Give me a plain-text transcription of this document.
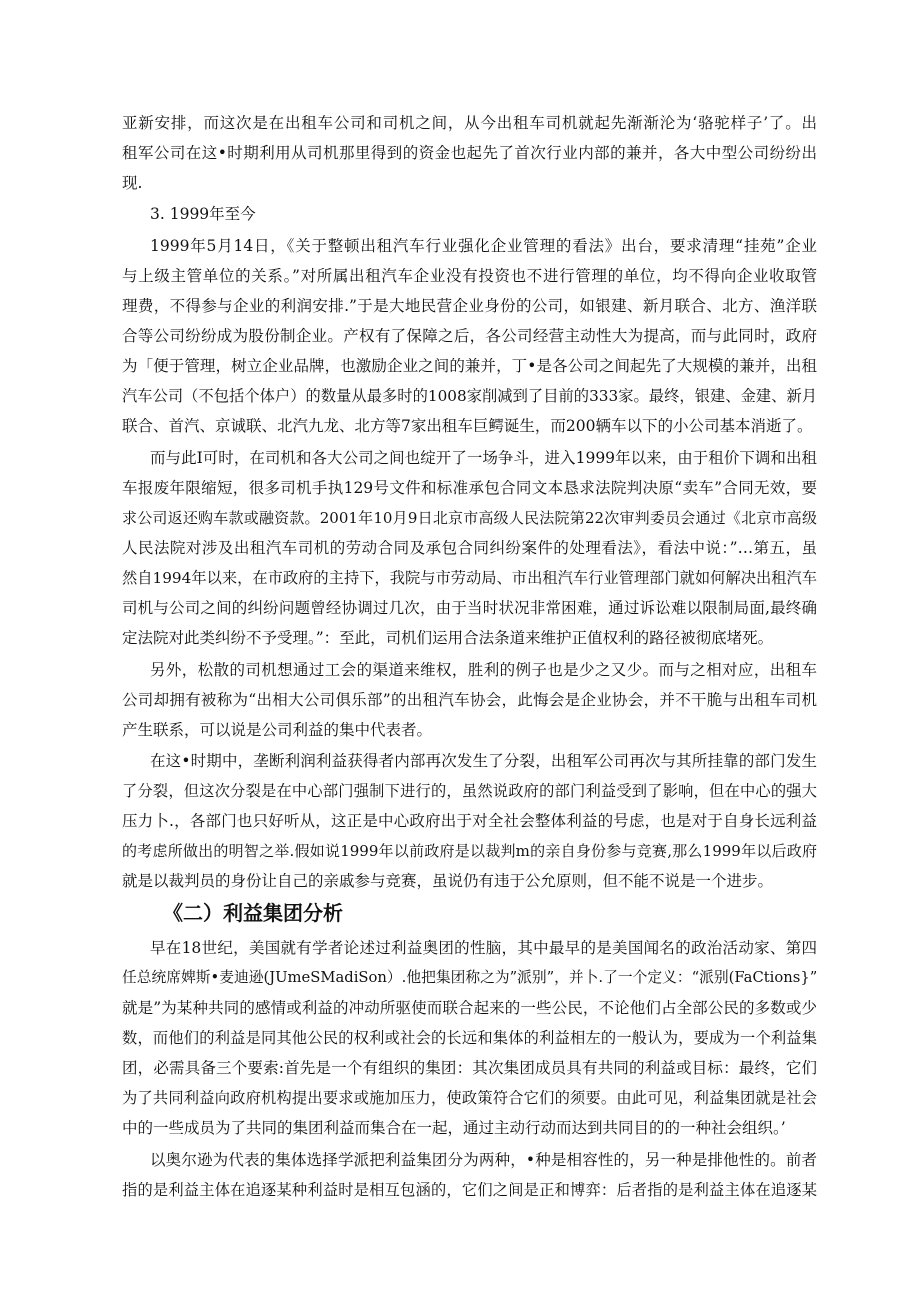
亚新安排，而这次是在出租车公司和司机之间，从今出租车司机就起先渐渐沦为‘骆驼样子’了。出
租军公司在这•时期利用从司机那里得到的资金也起先了首次行业内部的兼并，各大中型公司纷纷出
现.
3. 1999年至今
1999年5月14日，《关于整顿出租汽车行业强化企业管理的看法》出台，要求清理“挂苑”企业
与上级主管单位的关系。”对所属出租汽车企业没有投资也不进行管理的单位，均不得向企业收取管
理费，不得参与企业的利润安排.”于是大地民营企业身份的公司，如银建、新月联合、北方、渔洋联
合等公司纷纷成为股份制企业。产权有了保障之后，各公司经营主动性大为提高，而与此同时，政府
为「便于管理，树立企业品牌，也激励企业之间的兼并，丁•是各公司之间起先了大规模的兼并，出租
汽车公司（不包括个体户）的数量从最多时的1008家削减到了目前的333家。最终，银建、金建、新月
联合、首汽、京诚联、北汽九龙、北方等7家出租车巨鳄诞生，而200辆车以下的小公司基本消逝了。
而与此I可时，在司机和各大公司之间也绽开了一场争斗，进入1999年以来，由于租价下调和出租
车报废年限缩短，很多司机手执129号文件和标准承包合同文本恳求法院判决原“卖车”合同无效，要
求公司返还购车款或融资款。2001年10月9日北京市高级人民法院第22次审判委员会通过《北京市高级
人民法院对涉及出租汽车司机的劳动合同及承包合同纠纷案件的处理看法》，看法中说：”…第五，虽
然自1994年以来，在市政府的主持下，我院与市劳动局、市出租汽车行业管理部门就如何解决出租汽车
司机与公司之间的纠纷问题曾经协调过几次，由于当时状况非常困难，通过诉讼难以限制局面,最终确
定法院对此类纠纷不予受理。”：至此，司机们运用合法条道来维护正值权利的路径被彻底堵死。
另外，松散的司机想通过工会的渠道来维权，胜利的例子也是少之又少。而与之相对应，出租车
公司却拥有被称为“出相大公司俱乐部”的出租汽车协会，此悔会是企业协会，并不干脆与出租车司机
产生联系，可以说是公司利益的集中代表者。
在这•时期中，垄断利润利益获得者内部再次发生了分裂，出租军公司再次与其所挂靠的部门发生
了分裂，但这次分裂是在中心部门强制下进行的，虽然说政府的部门利益受到了影响，但在中心的强大
压力卜.，各部门也只好听从，这正是中心政府出于对全社会整体利益的号虑，也是对于自身长远利益
的考虑所做出的明智之举.假如说1999年以前政府是以裁判m的亲自身份参与竞赛,那么1999年以后政府
就是以裁判员的身份让自己的亲戚参与竞赛，虽说仍有违于公允原则，但不能不说是一个进步。
《二）利益集团分析
早在18世纪，美国就有学者论述过利益奥团的性脑，其中最早的是美国闻名的政治活动家、第四
任总统席婢斯•麦迪逊(JUmeSMadiSon）.他把集团称之为”派别”，并卜.了一个定义：“派别(FaCtions}”
就是”为某种共同的感情或利益的冲动所驱使而联合起来的一些公民，不论他们占全部公民的多数或少
数，而他们的利益是同其他公民的权利或社会的长远和集体的利益相左的一般认为，要成为一个利益集
团，必需具备三个要索:首先是一个有组织的集团：其次集团成员具有共同的利益或目标：最终，它们
为了共同利益向政府机构提出要求或施加压力，使政策符合它们的须要。由此可见，利益集团就是社会
中的一些成员为了共同的集团利益而集合在一起，通过主动行动而达到共同目的的一种社会组织。’
以奥尔逊为代表的集体选择学派把利益集团分为两种，•种是相容性的，另一种是排他性的。前者
指的是利益主体在追逐某种利益时是相互包涵的，它们之间是正和博弈：后者指的是利益主体在追逐某
